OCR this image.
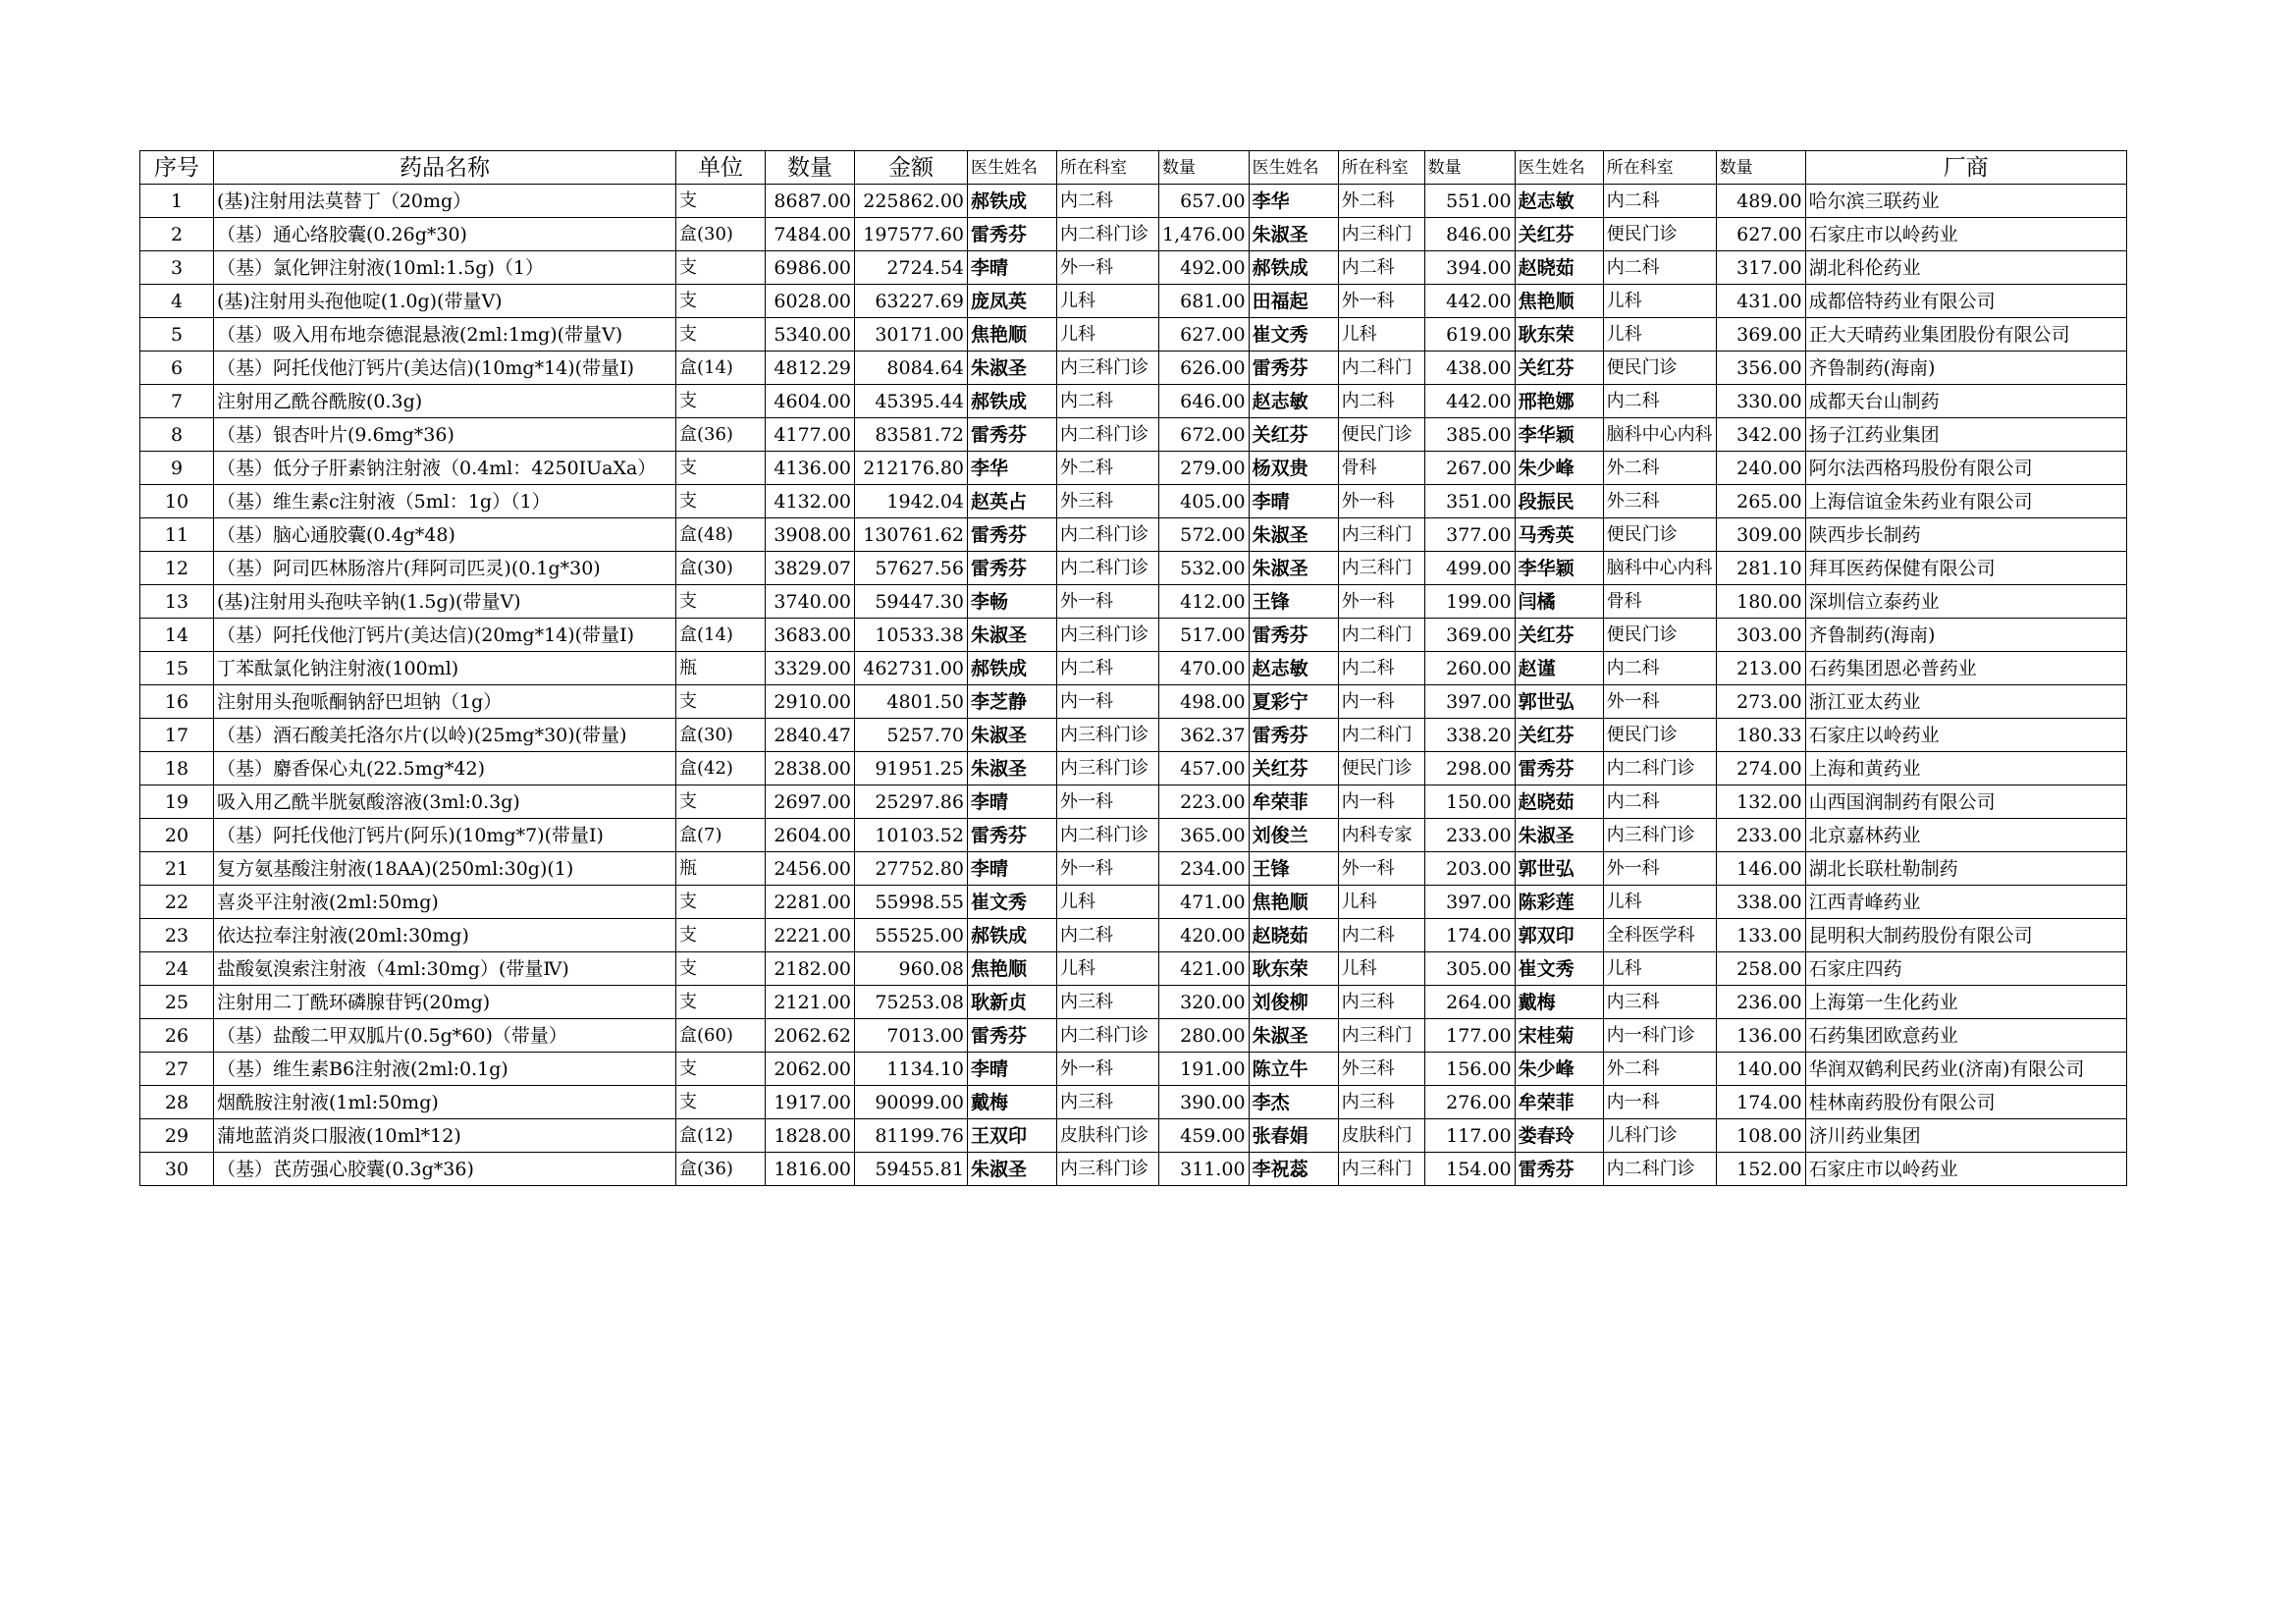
序号	药品名称	单位	数量	金额	医生姓名	所在科室	数量	医生姓名	所在科室	数量	医生姓名	所在科室	数量	厂商
1	(基)注射用法莫替丁（20mg）	支	8687.00	225862.00	郝铁成	内二科	657.00	李华	外二科	551.00	赵志敏	内二科	489.00	哈尔滨三联药业
2	（基）通心络胶囊(0.26g*30)	盒(30)	7484.00	197577.60	雷秀芬	内二科门诊	1,476.00	朱淑圣	内三科门	846.00	关红芬	便民门诊	627.00	石家庄市以岭药业
3	（基）氯化钾注射液(10ml:1.5g)（1）	支	6986.00	2724.54	李晴	外一科	492.00	郝铁成	内二科	394.00	赵晓茹	内二科	317.00	湖北科伦药业
4	(基)注射用头孢他啶(1.0g)(带量Ⅴ)	支	6028.00	63227.69	庞凤英	儿科	681.00	田福起	外一科	442.00	焦艳顺	儿科	431.00	成都倍特药业有限公司
5	（基）吸入用布地奈德混悬液(2ml:1mg)(带量Ⅴ)	支	5340.00	30171.00	焦艳顺	儿科	627.00	崔文秀	儿科	619.00	耿东荣	儿科	369.00	正大天晴药业集团股份有限公司
6	（基）阿托伐他汀钙片(美达信)(10mg*14)(带量Ⅰ)	盒(14)	4812.29	8084.64	朱淑圣	内三科门诊	626.00	雷秀芬	内二科门	438.00	关红芬	便民门诊	356.00	齐鲁制药(海南)
7	注射用乙酰谷酰胺(0.3g)	支	4604.00	45395.44	郝铁成	内二科	646.00	赵志敏	内二科	442.00	邢艳娜	内二科	330.00	成都天台山制药
8	（基）银杏叶片(9.6mg*36)	盒(36)	4177.00	83581.72	雷秀芬	内二科门诊	672.00	关红芬	便民门诊	385.00	李华颖	脑科中心内科	342.00	扬子江药业集团
9	（基）低分子肝素钠注射液（0.4ml：4250IUaXa）	支	4136.00	212176.80	李华	外二科	279.00	杨双贵	骨科	267.00	朱少峰	外二科	240.00	阿尔法西格玛股份有限公司
10	（基）维生素c注射液（5ml：1g）（1）	支	4132.00	1942.04	赵英占	外三科	405.00	李晴	外一科	351.00	段振民	外三科	265.00	上海信谊金朱药业有限公司
11	（基）脑心通胶囊(0.4g*48)	盒(48)	3908.00	130761.62	雷秀芬	内二科门诊	572.00	朱淑圣	内三科门	377.00	马秀英	便民门诊	309.00	陕西步长制药
12	（基）阿司匹林肠溶片(拜阿司匹灵)(0.1g*30)	盒(30)	3829.07	57627.56	雷秀芬	内二科门诊	532.00	朱淑圣	内三科门	499.00	李华颖	脑科中心内科	281.10	拜耳医药保健有限公司
13	(基)注射用头孢呋辛钠(1.5g)(带量Ⅴ)	支	3740.00	59447.30	李畅	外一科	412.00	王锋	外一科	199.00	闫橘	骨科	180.00	深圳信立泰药业
14	（基）阿托伐他汀钙片(美达信)(20mg*14)(带量Ⅰ)	盒(14)	3683.00	10533.38	朱淑圣	内三科门诊	517.00	雷秀芬	内二科门	369.00	关红芬	便民门诊	303.00	齐鲁制药(海南)
15	丁苯酞氯化钠注射液(100ml)	瓶	3329.00	462731.00	郝铁成	内二科	470.00	赵志敏	内二科	260.00	赵谨	内二科	213.00	石药集团恩必普药业
16	注射用头孢哌酮钠舒巴坦钠（1g）	支	2910.00	4801.50	李芝静	内一科	498.00	夏彩宁	内一科	397.00	郭世弘	外一科	273.00	浙江亚太药业
17	（基）酒石酸美托洛尔片(以岭)(25mg*30)(带量)	盒(30)	2840.47	5257.70	朱淑圣	内三科门诊	362.37	雷秀芬	内二科门	338.20	关红芬	便民门诊	180.33	石家庄以岭药业
18	（基）麝香保心丸(22.5mg*42)	盒(42)	2838.00	91951.25	朱淑圣	内三科门诊	457.00	关红芬	便民门诊	298.00	雷秀芬	内二科门诊	274.00	上海和黄药业
19	吸入用乙酰半胱氨酸溶液(3ml:0.3g)	支	2697.00	25297.86	李晴	外一科	223.00	牟荣菲	内一科	150.00	赵晓茹	内二科	132.00	山西国润制药有限公司
20	（基）阿托伐他汀钙片(阿乐)(10mg*7)(带量Ⅰ)	盒(7)	2604.00	10103.52	雷秀芬	内二科门诊	365.00	刘俊兰	内科专家	233.00	朱淑圣	内三科门诊	233.00	北京嘉林药业
21	复方氨基酸注射液(18AA)(250ml:30g)(1)	瓶	2456.00	27752.80	李晴	外一科	234.00	王锋	外一科	203.00	郭世弘	外一科	146.00	湖北长联杜勒制药
22	喜炎平注射液(2ml:50mg)	支	2281.00	55998.55	崔文秀	儿科	471.00	焦艳顺	儿科	397.00	陈彩莲	儿科	338.00	江西青峰药业
23	依达拉奉注射液(20ml:30mg)	支	2221.00	55525.00	郝铁成	内二科	420.00	赵晓茹	内二科	174.00	郭双印	全科医学科	133.00	昆明积大制药股份有限公司
24	盐酸氨溴索注射液（4ml:30mg）(带量Ⅳ)	支	2182.00	960.08	焦艳顺	儿科	421.00	耿东荣	儿科	305.00	崔文秀	儿科	258.00	石家庄四药
25	注射用二丁酰环磷腺苷钙(20mg)	支	2121.00	75253.08	耿新贞	内三科	320.00	刘俊柳	内三科	264.00	戴梅	内三科	236.00	上海第一生化药业
26	（基）盐酸二甲双胍片(0.5g*60)（带量）	盒(60)	2062.62	7013.00	雷秀芬	内二科门诊	280.00	朱淑圣	内三科门	177.00	宋桂菊	内一科门诊	136.00	石药集团欧意药业
27	（基）维生素B6注射液(2ml:0.1g)	支	2062.00	1134.10	李晴	外一科	191.00	陈立牛	外三科	156.00	朱少峰	外二科	140.00	华润双鹤利民药业(济南)有限公司
28	烟酰胺注射液(1ml:50mg)	支	1917.00	90099.00	戴梅	内三科	390.00	李杰	内三科	276.00	牟荣菲	内一科	174.00	桂林南药股份有限公司
29	蒲地蓝消炎口服液(10ml*12)	盒(12)	1828.00	81199.76	王双印	皮肤科门诊	459.00	张春娟	皮肤科门	117.00	娄春玲	儿科门诊	108.00	济川药业集团
30	（基）芪苈强心胶囊(0.3g*36)	盒(36)	1816.00	59455.81	朱淑圣	内三科门诊	311.00	李祝蕊	内三科门	154.00	雷秀芬	内二科门诊	152.00	石家庄市以岭药业
